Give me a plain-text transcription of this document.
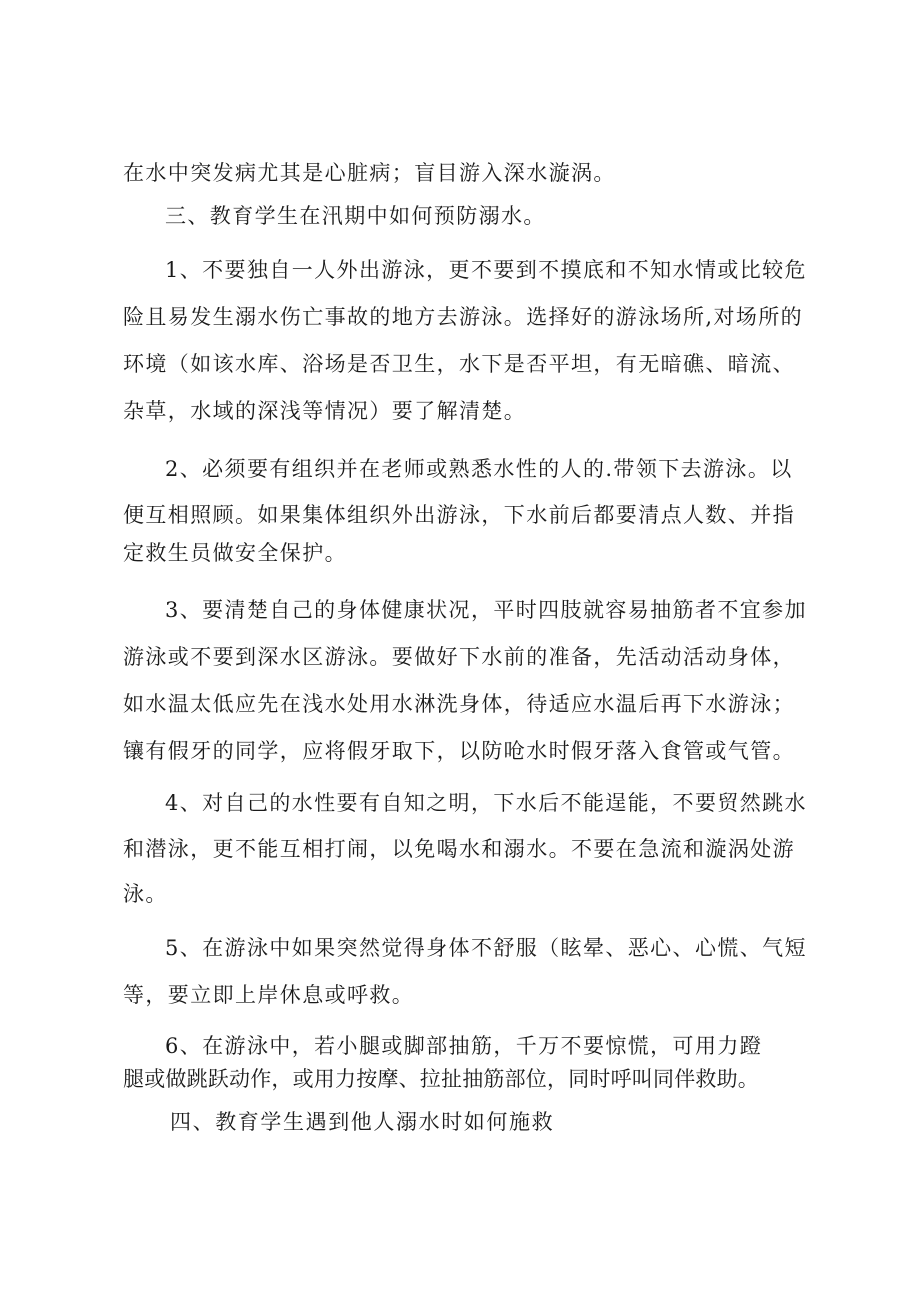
在水中突发病尤其是心脏病；盲目游入深水漩涡。
三、教育学生在汛期中如何预防溺水。
1、不要独自一人外出游泳，更不要到不摸底和不知水情或比较危
险且易发生溺水伤亡事故的地方去游泳。选择好的游泳场所,对场所的
环境（如该水库、浴场是否卫生，水下是否平坦，有无暗礁、暗流、
杂草，水域的深浅等情况）要了解清楚。
2、必须要有组织并在老师或熟悉水性的人的.带领下去游泳。以
便互相照顾。如果集体组织外出游泳，下水前后都要清点人数、并指
定救生员做安全保护。
3、要清楚自己的身体健康状况，平时四肢就容易抽筋者不宜参加
游泳或不要到深水区游泳。要做好下水前的准备，先活动活动身体，
如水温太低应先在浅水处用水淋洗身体，待适应水温后再下水游泳；
镶有假牙的同学，应将假牙取下，以防呛水时假牙落入食管或气管。
4、对自己的水性要有自知之明，下水后不能逞能，不要贸然跳水
和潜泳，更不能互相打闹，以免喝水和溺水。不要在急流和漩涡处游
泳。
5、在游泳中如果突然觉得身体不舒服（眩晕、恶心、心慌、气短
等，要立即上岸休息或呼救。
6、在游泳中，若小腿或脚部抽筋，千万不要惊慌，可用力蹬
腿或做跳跃动作，或用力按摩、拉扯抽筋部位，同时呼叫同伴救助。
四、教育学生遇到他人溺水时如何施救
